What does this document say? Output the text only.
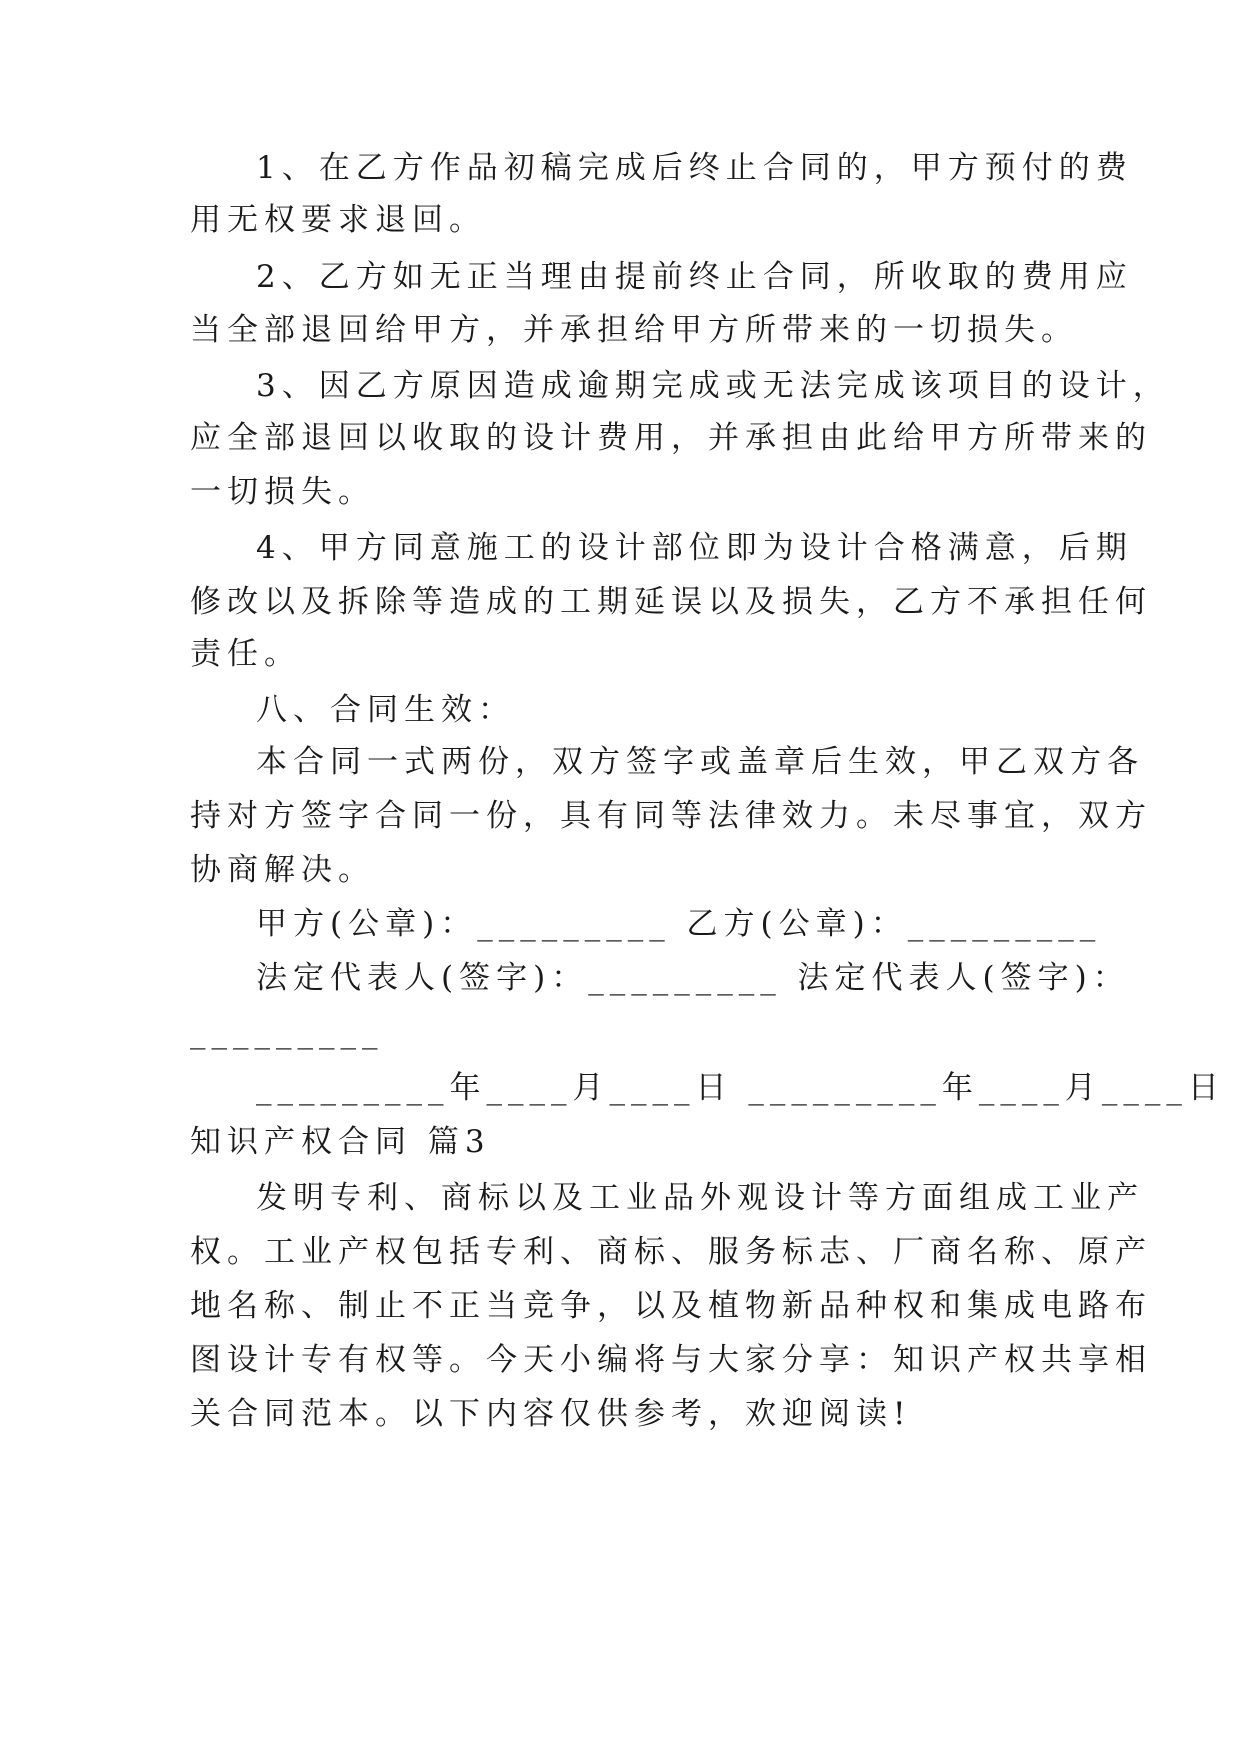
1、在乙方作品初稿完成后终止合同的，甲方预付的费
用无权要求退回。
2、乙方如无正当理由提前终止合同，所收取的费用应
当全部退回给甲方，并承担给甲方所带来的一切损失。
3、因乙方原因造成逾期完成或无法完成该项目的设计，
应全部退回以收取的设计费用，并承担由此给甲方所带来的
一切损失。
4、甲方同意施工的设计部位即为设计合格满意，后期
修改以及拆除等造成的工期延误以及损失，乙方不承担任何
责任。
八、合同生效：
本合同一式两份，双方签字或盖章后生效，甲乙双方各
持对方签字合同一份，具有同等法律效力。未尽事宜，双方
协商解决。
甲方(公章)：_________ 乙方(公章)：_________
法定代表人(签字)：_________ 法定代表人(签字)：
_________
_________年____月____日 _________年____月____日
知识产权合同 篇3
发明专利、商标以及工业品外观设计等方面组成工业产
权。工业产权包括专利、商标、服务标志、厂商名称、原产
地名称、制止不正当竞争，以及植物新品种权和集成电路布
图设计专有权等。今天小编将与大家分享：知识产权共享相
关合同范本。以下内容仅供参考，欢迎阅读!
